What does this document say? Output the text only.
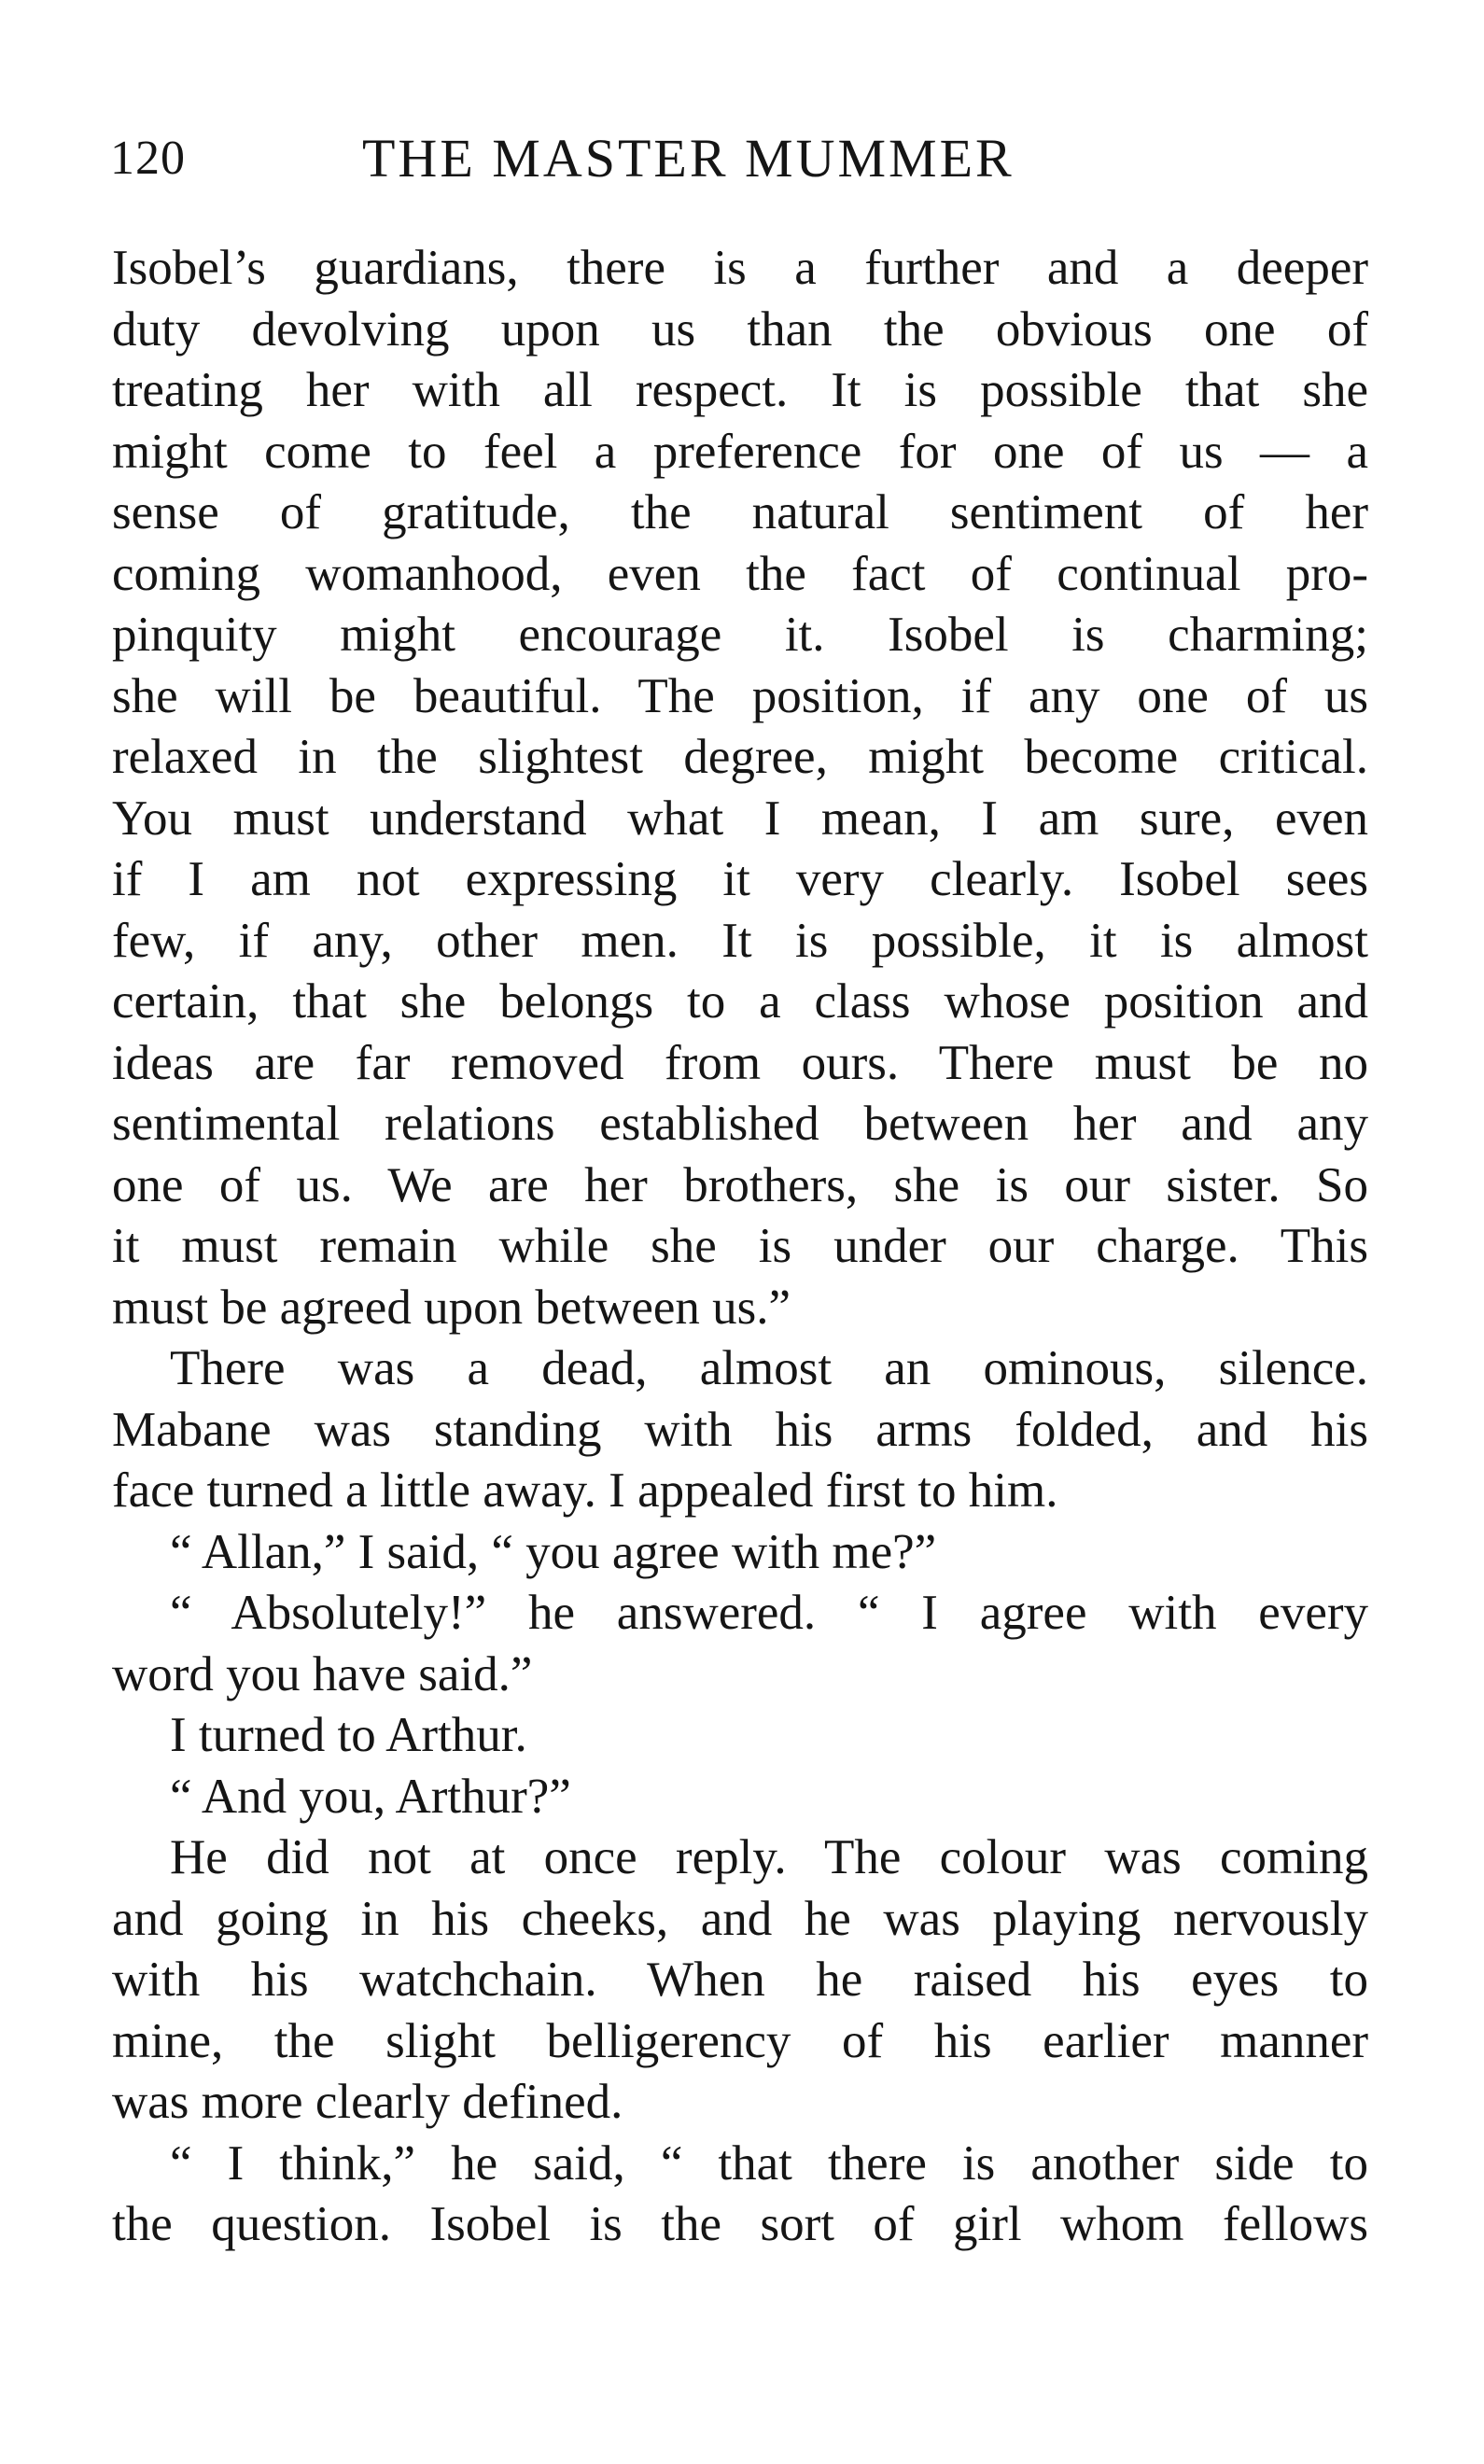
120	THE MASTER MUMMER
Isobel’s guardians, there is a further and a deeper
duty devolving upon us than the obvious one of
treating her with all respect. It is possible that she
might come to feel a preference for one of us — a
sense of gratitude, the natural sentiment of her
coming womanhood, even the fact of continual pro-
pinquity might encourage it. Isobel is charming;
she will be beautiful. The position, if any one of us
relaxed in the slightest degree, might become critical.
You must understand what I mean, I am sure, even
if I am not expressing it very clearly. Isobel sees
few, if any, other men. It is possible, it is almost
certain, that she belongs to a class whose position and
ideas are far removed from ours. There must be no
sentimental relations established between her and any
one of us. We are her brothers, she is our sister. So
it must remain while she is under our charge. This
must be agreed upon between us.”
There was a dead, almost an ominous, silence.
Mabane was standing with his arms folded, and his
face turned a little away. I appealed first to him.
“ Allan,” I said, “ you agree with me?”
“ Absolutely!” he answered. “ I agree with every
word you have said.”
I turned to Arthur.
“ And you, Arthur?”
He did not at once reply. The colour was coming
and going in his cheeks, and he was playing nervously
with his watchchain. When he raised his eyes to
mine, the slight belligerency of his earlier manner
was more clearly defined.
“ I think,” he said, “ that there is another side to
the question. Isobel is the sort of girl whom fellows
